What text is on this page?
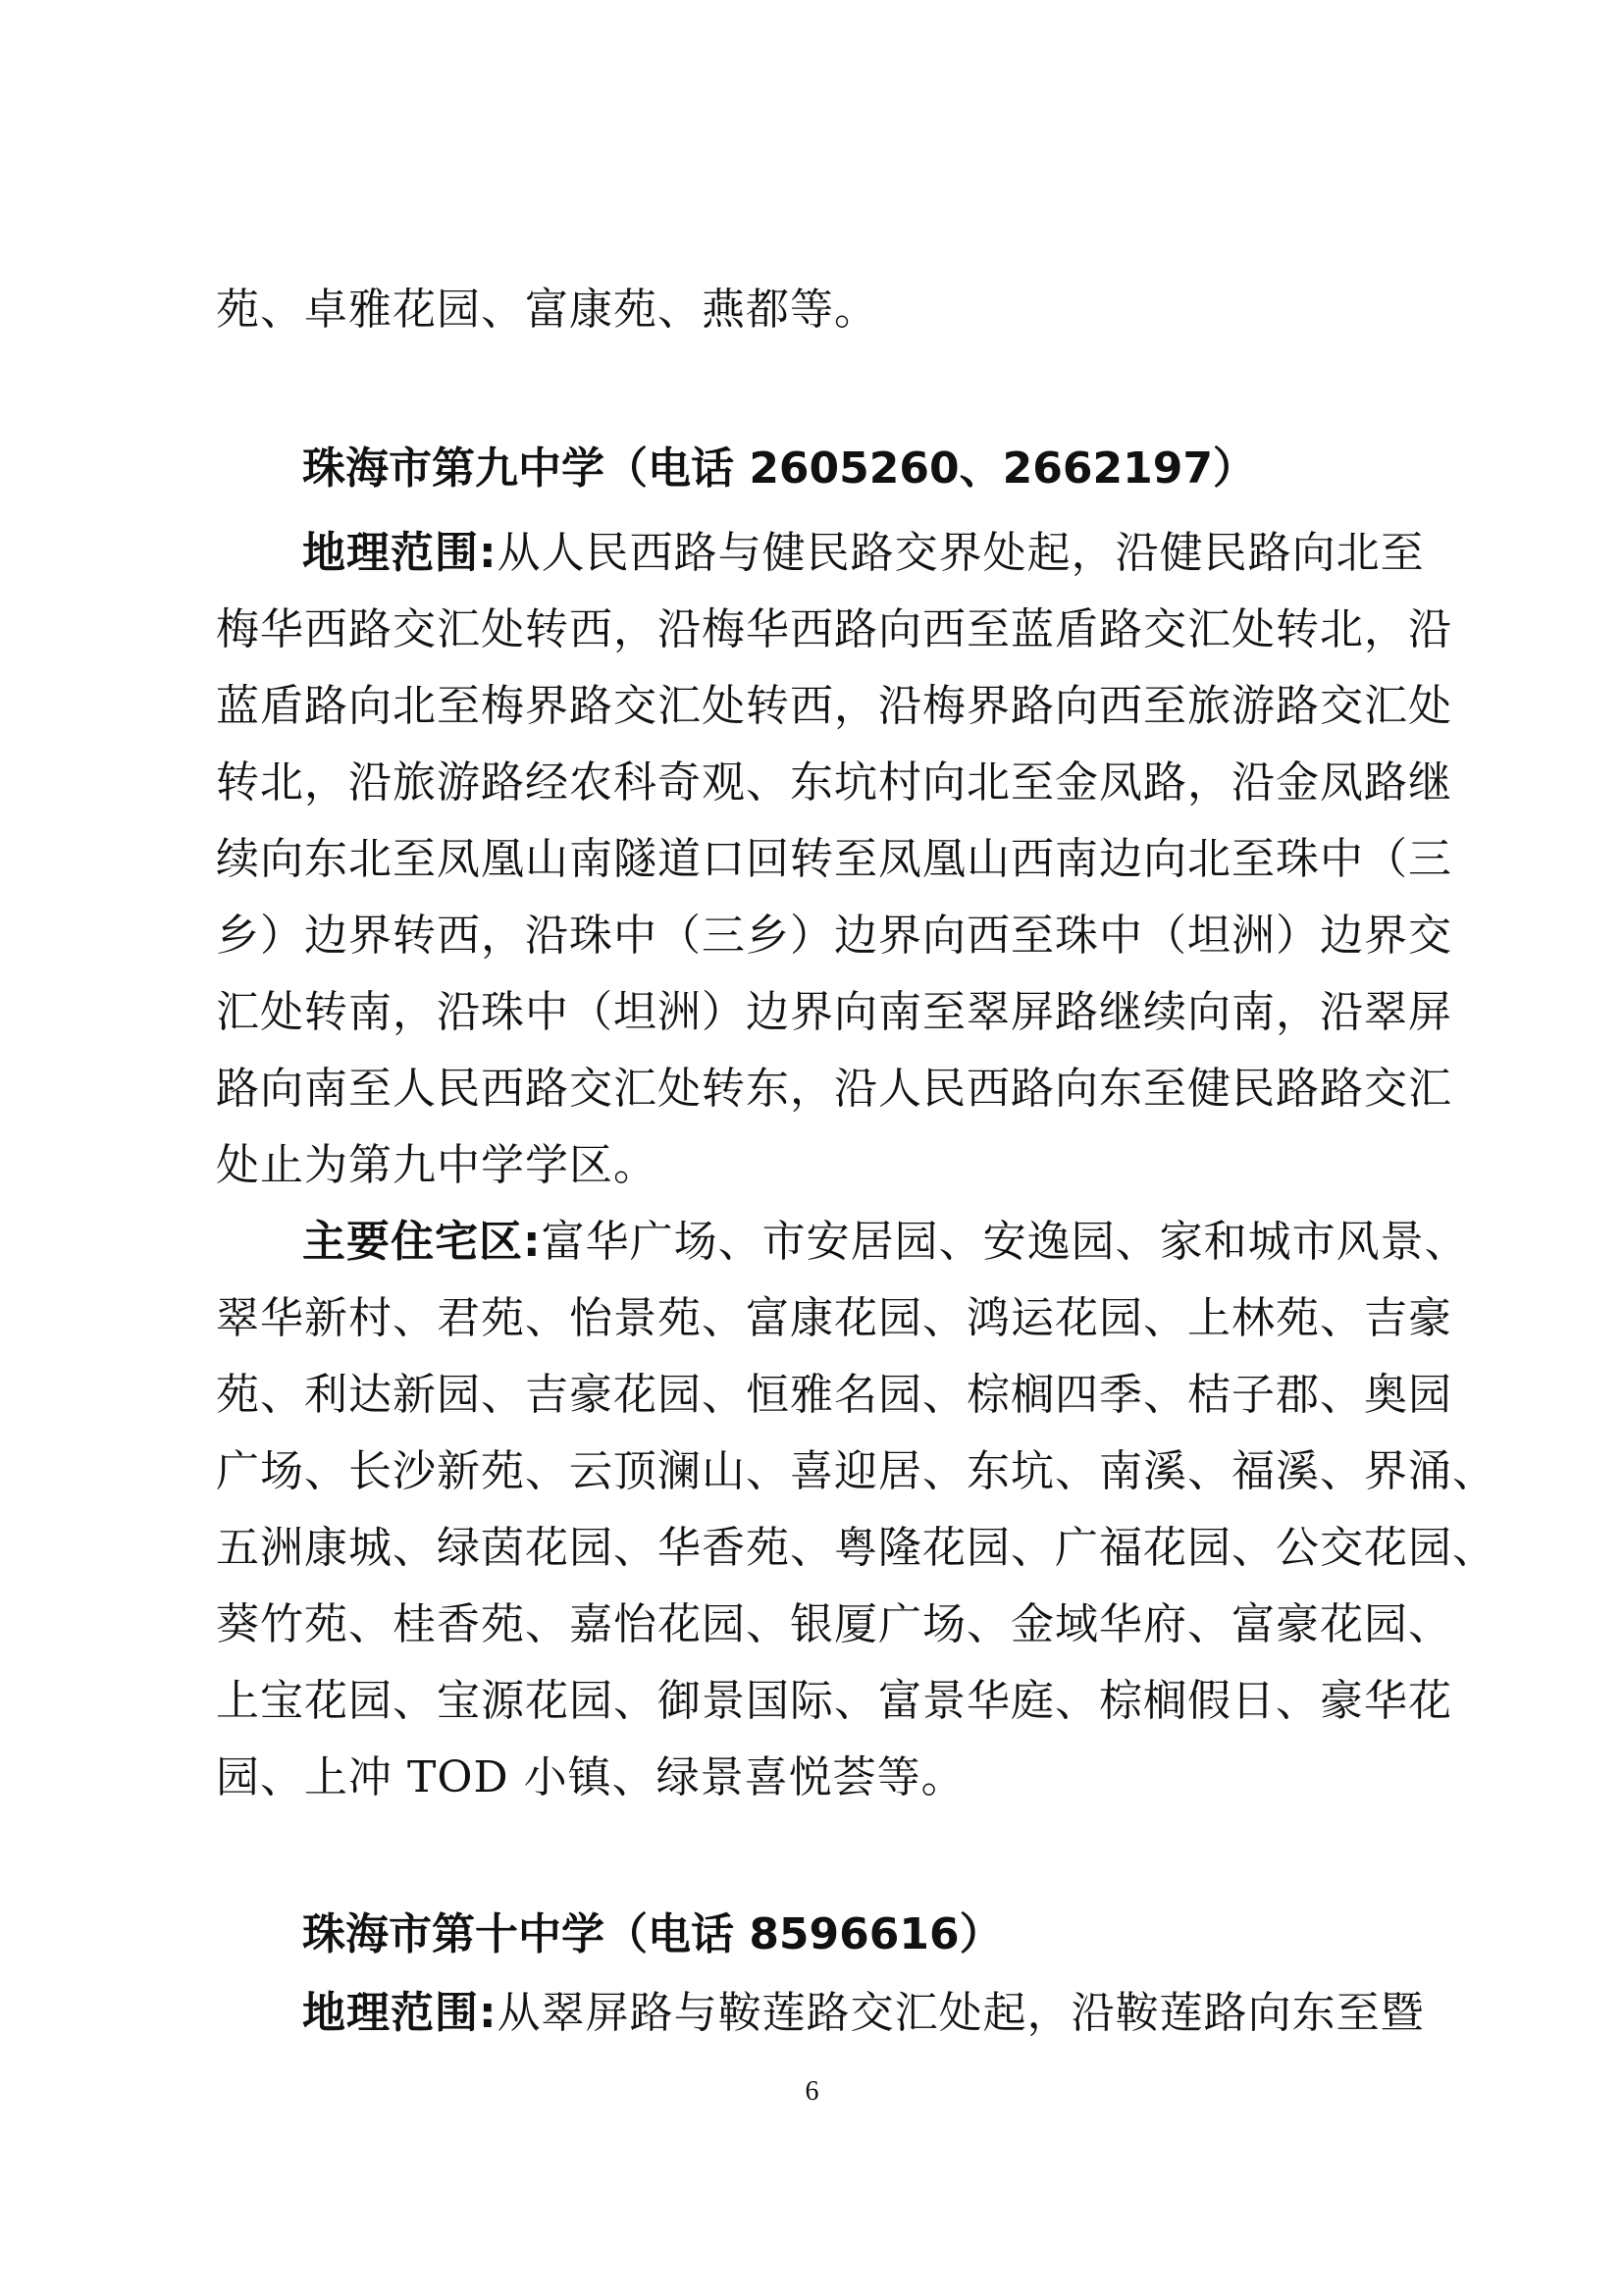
苑、卓雅花园、富康苑、燕都等。
珠海市第九中学（电话 2605260、2662197）
地理范围:从人民西路与健民路交界处起，沿健民路向北至
梅华西路交汇处转西，沿梅华西路向西至蓝盾路交汇处转北，沿
蓝盾路向北至梅界路交汇处转西，沿梅界路向西至旅游路交汇处
转北，沿旅游路经农科奇观、东坑村向北至金凤路，沿金凤路继
续向东北至凤凰山南隧道口回转至凤凰山西南边向北至珠中（三
乡）边界转西，沿珠中（三乡）边界向西至珠中（坦洲）边界交
汇处转南，沿珠中（坦洲）边界向南至翠屏路继续向南，沿翠屏
路向南至人民西路交汇处转东，沿人民西路向东至健民路路交汇
处止为第九中学学区。
主要住宅区:富华广场、市安居园、安逸园、家和城市风景、
翠华新村、君苑、怡景苑、富康花园、鸿运花园、上林苑、吉豪
苑、利达新园、吉豪花园、恒雅名园、棕榈四季、桔子郡、奥园
广场、长沙新苑、云顶澜山、喜迎居、东坑、南溪、福溪、界涌、
五洲康城、绿茵花园、华香苑、粤隆花园、广福花园、公交花园、
葵竹苑、桂香苑、嘉怡花园、银厦广场、金域华府、富豪花园、
上宝花园、宝源花园、御景国际、富景华庭、棕榈假日、豪华花
园、上冲 TOD 小镇、绿景喜悦荟等。
珠海市第十中学（电话 8596616）
地理范围:从翠屏路与鞍莲路交汇处起，沿鞍莲路向东至暨
6
